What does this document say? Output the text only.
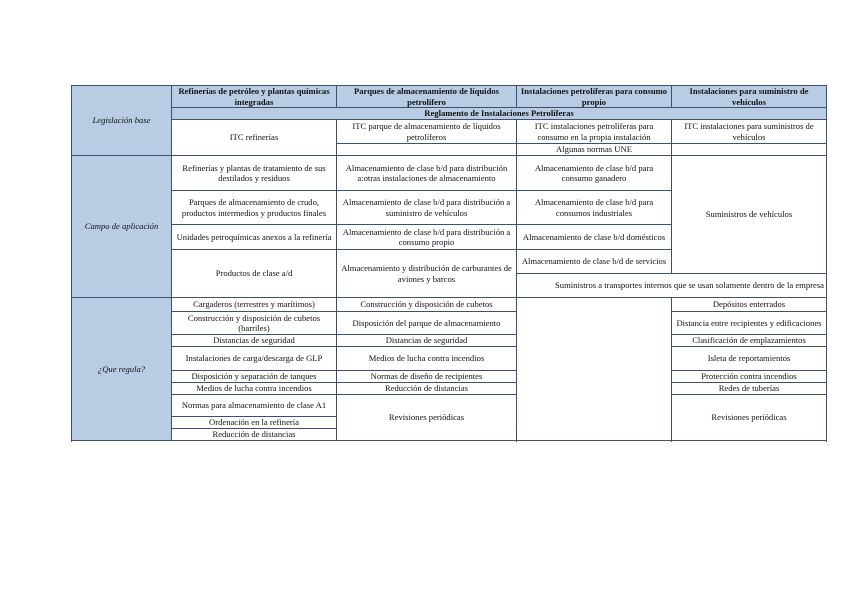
Legislación base	Refinerías de petróleo y plantas químicas integradas	Parques de almacenamiento de líquidos petrolífero	Instalaciones petrolíferas para consumo propio	Instalaciones para suministro de vehículos
	Reglamento de Instalaciones Petrolíferas			
	ITC refinerías	ITC parque de almacenamiento de líquidos petrolíferos	ITC instalaciones petrolíferas para consumo en la propia instalación	ITC instalaciones para suministros de vehículos

			Algunas normas UNE	
Campo de aplicación	Refinerías y plantas de tratamiento de sus destilados y residuos	Almacenamiento de clase b/d para distribución a:otras instalaciones de almacenamiento	Almacenamiento de clase b/d para consumo ganadero	Suministros de vehículos
	Parques de almacenamiento de crudo, productos intermedios y productos finales	Almacenamiento de clase b/d para distribución a suministro de vehículos	Almacenamiento de clase b/d para consumos industriales	
	Unidades petroquímicas anexos a la refinería	Almacenamiento de clase b/d para distribución a consumo propio	Almacenamiento de clase b/d domésticos	
	Productos de clase a/d	Almacenamiento y distribución de carburantes de aviones y barcos	Almacenamiento de clase b/d de servicios	
			Suministros a transportes internos que se usan solamente dentro de la empresa	

¿Que regula?	Cargaderos (terrestres y marítimos)	Construcción y disposición de cubetos		Depósitos enterrados
	Construcción y disposición de cubetos (barriles)	Disposición del parque de almacenamiento		Distancia entre recipientes y edificaciones
	Distancias de seguridad	Distancias de seguridad		Clasificación de emplazamientos
	Instalaciones de carga/descarga de GLP	Medios de lucha contra incendios		Isleta de reportamientos
	Disposición y separación de tanques	Normas de diseño de recipientes		Protección contra incendios
	Medios de lucha contra incendios	Reducción de distancias		Redes de tuberías
	Normas para almacenamiento de clase A1	Revisiones periódicas		Revisiones periódicas
	Ordenación en la refinería			
	Reducción de distancias			
